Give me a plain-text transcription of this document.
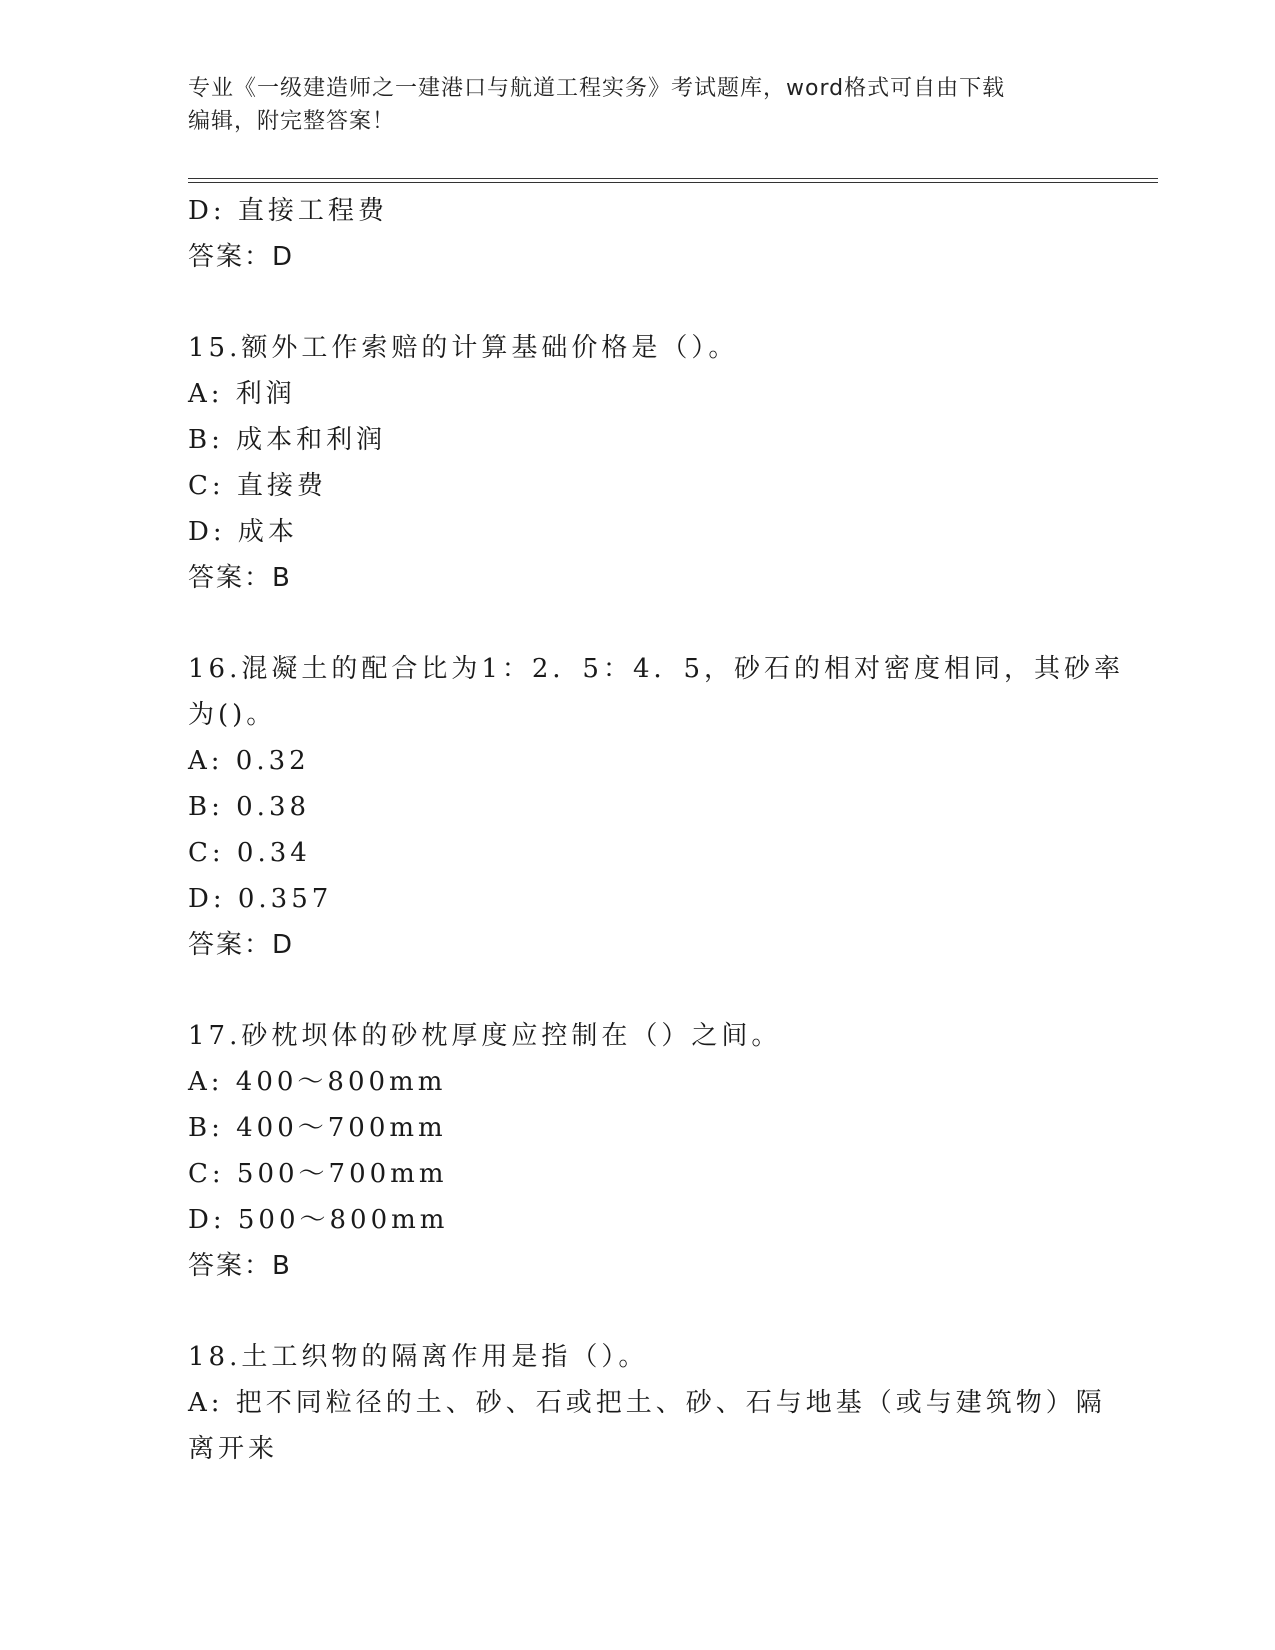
专业《一级建造师之一建港口与航道工程实务》考试题库，word格式可自由下载
编辑，附完整答案！
D: 直接工程费
答案：D
15.额外工作索赔的计算基础价格是（）。
A: 利润
B: 成本和利润
C: 直接费
D: 成本
答案：B
16.混凝土的配合比为1：2．5：4．5，砂石的相对密度相同，其砂率
为()。
A: 0.32
B: 0.38
C: 0.34
D: 0.357
答案：D
17.砂枕坝体的砂枕厚度应控制在（）之间。
A: 400～800mm
B: 400～700mm
C: 500～700mm
D: 500～800mm
答案：B
18.土工织物的隔离作用是指（）。
A: 把不同粒径的土、砂、石或把土、砂、石与地基（或与建筑物）隔
离开来
